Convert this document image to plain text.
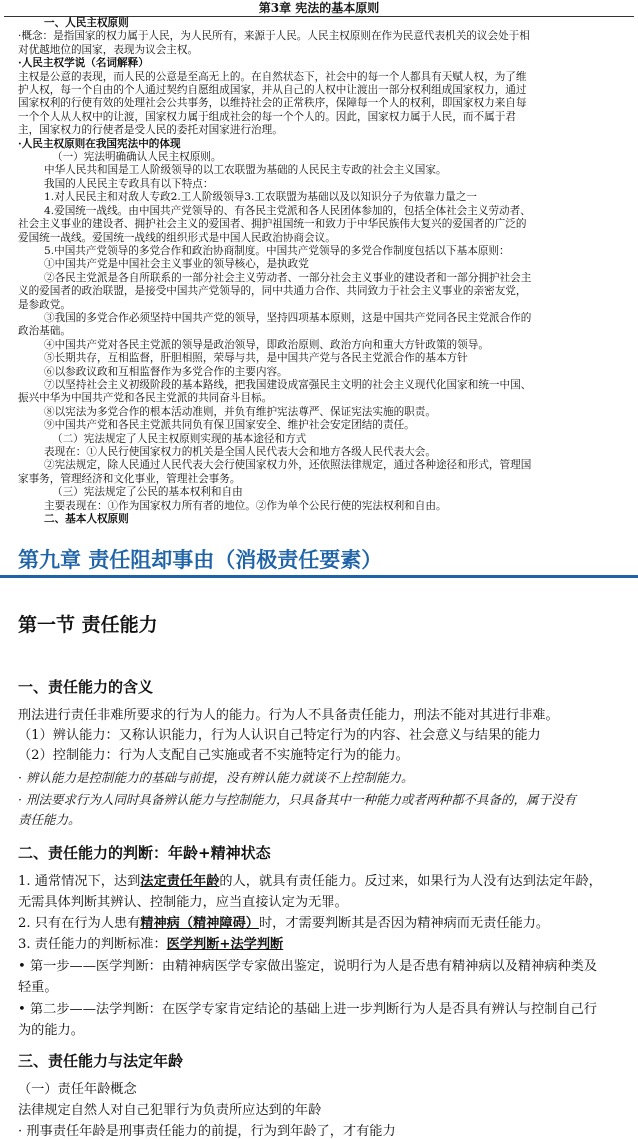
第3章 宪法的基本原则
一、人民主权原则
·概念：是指国家的权力属于人民，为人民所有，来源于人民。人民主权原则在作为民意代表机关的议会处于相
对优越地位的国家，表现为议会主权。
·人民主权学说（名词解释）
主权是公意的表现，而人民的公意是至高无上的。在自然状态下，社会中的每一个人都具有天赋人权，为了维
护人权，每一个自由的个人通过契约自愿组成国家，并从自己的人权中让渡出一部分权利组成国家权力，通过
国家权利的行使有效的处理社会公共事务，以维持社会的正常秩序，保障每一个人的权利，即国家权力来自每
一个个人从人权中的让渡，国家权力属于组成社会的每一个个人的。因此，国家权力属于人民，而不属于君
主，国家权力的行使者是受人民的委托对国家进行治理。
·人民主权原则在我国宪法中的体现
（一）宪法明确确认人民主权原则。
中华人民共和国是工人阶级领导的以工农联盟为基础的人民民主专政的社会主义国家。
我国的人民民主专政具有以下特点：
1.对人民民主和对敌人专政2.工人阶级领导3.工农联盟为基础以及以知识分子为依靠力量之一
4.爱国统一战线。由中国共产党领导的、有各民主党派和各人民团体参加的，包括全体社会主义劳动者、
社会主义事业的建设者、拥护社会主义的爱国者、拥护祖国统一和致力于中华民族伟大复兴的爱国者的广泛的
爱国统一战线。爱国统一战线的组织形式是中国人民政治协商会议。
5.中国共产党领导的多党合作和政治协商制度。中国共产党领导的多党合作制度包括以下基本原则：
①中国共产党是中国社会主义事业的领导核心，是执政党
②各民主党派是各自所联系的一部分社会主义劳动者、一部分社会主义事业的建设者和一部分拥护社会主
义的爱国者的政治联盟，是接受中国共产党领导的，同中共通力合作、共同致力于社会主义事业的亲密友党，
是参政党。
③我国的多党合作必须坚持中国共产党的领导，坚持四项基本原则，这是中国共产党同各民主党派合作的
政治基础。
④中国共产党对各民主党派的领导是政治领导，即政治原则、政治方向和重大方针政策的领导。
⑤长期共存，互相监督，肝胆相照，荣辱与共，是中国共产党与各民主党派合作的基本方针
⑥以参政议政和互相监督作为多党合作的主要内容。
⑦以坚持社会主义初级阶段的基本路线，把我国建设成富强民主文明的社会主义现代化国家和统一中国、
振兴中华为中国共产党和各民主党派的共同奋斗目标。
⑧以宪法为多党合作的根本活动准则，并负有维护宪法尊严、保证宪法实施的职责。
⑨中国共产党和各民主党派共同负有保卫国家安全、维护社会安定团结的责任。
（二）宪法规定了人民主权原则实现的基本途径和方式
表现在：①人民行使国家权力的机关是全国人民代表大会和地方各级人民代表大会。
②宪法规定，除人民通过人民代表大会行使国家权力外，还依照法律规定，通过各种途径和形式，管理国
家事务，管理经济和文化事业，管理社会事务。
（三）宪法规定了公民的基本权利和自由
主要表现在：①作为国家权力所有者的地位。②作为单个公民行使的宪法权利和自由。
二、基本人权原则
第九章 责任阻却事由（消极责任要素）
第一节 责任能力
一、责任能力的含义
刑法进行责任非难所要求的行为人的能力。行为人不具备责任能力，刑法不能对其进行非难。
（1）辨认能力：又称认识能力，行为人认识自己特定行为的内容、社会意义与结果的能力
（2）控制能力：行为人支配自己实施或者不实施特定行为的能力。
· 辨认能力是控制能力的基础与前提，没有辨认能力就谈不上控制能力。
· 刑法要求行为人同时具备辨认能力与控制能力，只具备其中一种能力或者两种都不具备的，属于没有
责任能力。
二、责任能力的判断：年龄+精神状态
1. 通常情况下，达到法定责任年龄的人，就具有责任能力。反过来，如果行为人没有达到法定年龄，
无需具体判断其辨认、控制能力，应当直接认定为无罪。
2. 只有在行为人患有精神病（精神障碍）时，才需要判断其是否因为精神病而无责任能力。
3. 责任能力的判断标准：医学判断+法学判断
• 第一步——医学判断：由精神病医学专家做出鉴定，说明行为人是否患有精神病以及精神病种类及
轻重。
• 第二步——法学判断：在医学专家肯定结论的基础上进一步判断行为人是否具有辨认与控制自己行
为的能力。
三、责任能力与法定年龄
（一）责任年龄概念
法律规定自然人对自己犯罪行为负责所应达到的年龄
· 刑事责任年龄是刑事责任能力的前提，行为到年龄了，才有能力
